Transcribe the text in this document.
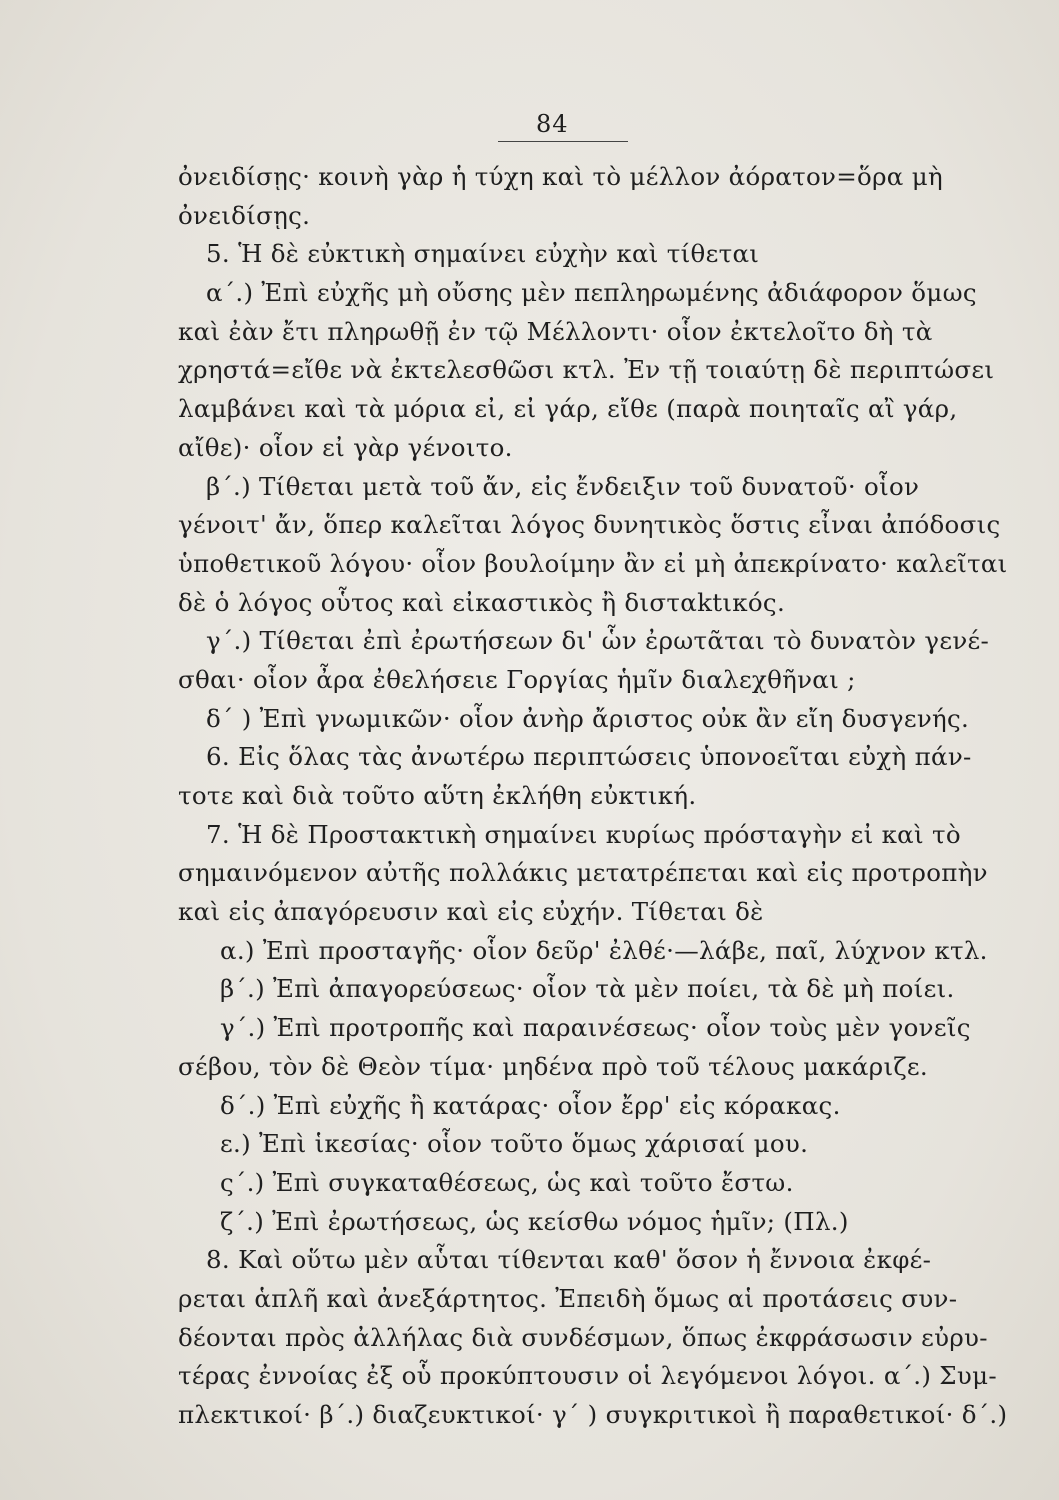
84
ὀνειδίσῃς· κοινὴ γὰρ ἡ τύχη καὶ τὸ μέλλον ἀόρατον=ὅρα μὴ
ὀνειδίσῃς.
5. Ἡ δὲ εὐκτικὴ σημαίνει εὐχὴν καὶ τίθεται
α΄.) Ἐπὶ εὐχῆς μὴ οὔσης μὲν πεπληρωμένης ἀδιάφορον ὅμως
καὶ ἐὰν ἔτι πληρωθῇ ἐν τῷ Μέλλοντι· οἷον ἐκτελοῖτο δὴ τὰ
χρηστά=εἴθε νὰ ἐκτελεσθῶσι κτλ. Ἐν τῇ τοιαύτῃ δὲ περιπτώσει
λαμβάνει καὶ τὰ μόρια εἰ, εἰ γάρ, εἴθε (παρὰ ποιηταῖς αἲ γάρ,
αἴθε)· οἷον εἰ γὰρ γένοιτο.
β΄.) Τίθεται μετὰ τοῦ ἄν, εἰς ἔνδειξιν τοῦ δυνατοῦ· οἷον
γένοιτ' ἄν, ὅπερ καλεῖται λόγος δυνητικὸς ὅστις εἶναι ἀπόδοσις
ὑποθετικοῦ λόγου· οἷον βουλοίμην ἂν εἰ μὴ ἀπεκρίνατο· καλεῖται
δὲ ὁ λόγος οὗτος καὶ εἰκαστικὸς ἢ δισταktικός.
γ΄.) Τίθεται ἐπὶ ἐρωτήσεων δι' ὧν ἐρωτᾶται τὸ δυνατὸν γενέ-
σθαι· οἷον ἆρα ἐθελήσειε Γοργίας ἡμῖν διαλεχθῆναι ;
δ΄ ) Ἐπὶ γνωμικῶν· οἷον ἀνὴρ ἄριστος οὐκ ἂν εἴη δυσγενής.
6. Εἰς ὅλας τὰς ἀνωτέρω περιπτώσεις ὑπονοεῖται εὐχὴ πάν-
τοτε καὶ διὰ τοῦτο αὕτη ἐκλήθη εὐκτική.
7. Ἡ δὲ Προστακτικὴ σημαίνει κυρίως πρόσταγὴν εἰ καὶ τὸ
σημαινόμενον αὐτῆς πολλάκις μετατρέπεται καὶ εἰς προτροπὴν
καὶ εἰς ἀπαγόρευσιν καὶ εἰς εὐχήν. Τίθεται δὲ
α.) Ἐπὶ προσταγῆς· οἷον δεῦρ' ἐλθέ·—λάβε, παῖ, λύχνον κτλ.
β΄.) Ἐπὶ ἀπαγορεύσεως· οἷον τὰ μὲν ποίει, τὰ δὲ μὴ ποίει.
γ΄.) Ἐπὶ προτροπῆς καὶ παραινέσεως· οἷον τοὺς μὲν γονεῖς
σέβου, τὸν δὲ Θεὸν τίμα· μηδένα πρὸ τοῦ τέλους μακάριζε.
δ΄.) Ἐπὶ εὐχῆς ἢ κατάρας· οἷον ἔρρ' εἰς κόρακας.
ε.) Ἐπὶ ἱκεσίας· οἷον τοῦτο ὅμως χάρισαί μου.
ς΄.) Ἐπὶ συγκαταθέσεως, ὡς καὶ τοῦτο ἔστω.
ζ΄.) Ἐπὶ ἐρωτήσεως, ὡς κείσθω νόμος ἡμῖν; (Πλ.)
8. Καὶ οὕτω μὲν αὗται τίθενται καθ' ὅσον ἡ ἔννοια ἐκφέ-
ρεται ἁπλῆ καὶ ἀνεξάρτητος. Ἐπειδὴ ὅμως αἱ προτάσεις συν-
δέονται πρὸς ἀλλήλας διὰ συνδέσμων, ὅπως ἐκφράσωσιν εὐρυ-
τέρας ἐννοίας ἐξ οὗ προκύπτουσιν οἱ λεγόμενοι λόγοι. α΄.) Συμ-
πλεκτικοί· β΄.) διαζευκτικοί· γ΄ ) συγκριτικοὶ ἢ παραθετικοί· δ΄.)
